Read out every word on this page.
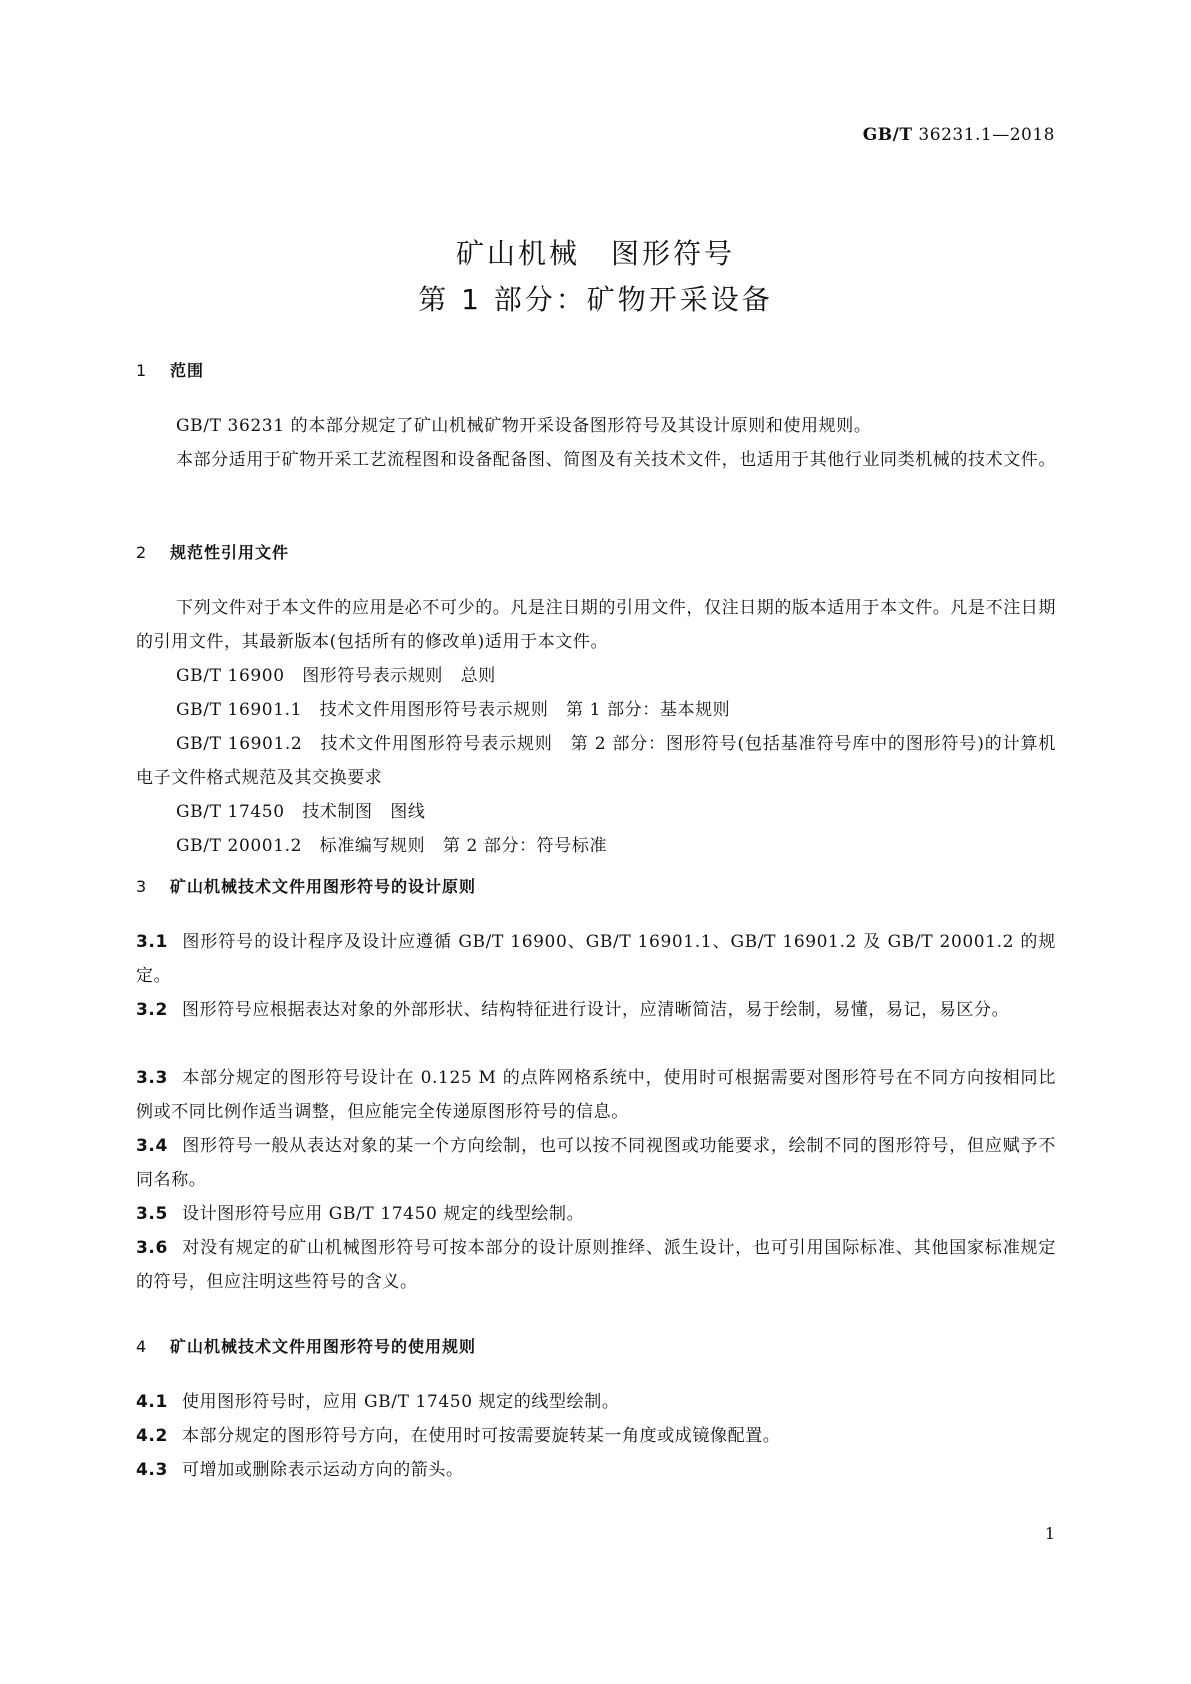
GB/T 36231.1—2018
矿山机械　图形符号
第 1 部分：矿物开采设备
1 范围
GB/T 36231 的本部分规定了矿山机械矿物开采设备图形符号及其设计原则和使用规则。
本部分适用于矿物开采工艺流程图和设备配备图、简图及有关技术文件，也适用于其他行业同类机械的技术文件。
2 规范性引用文件
下列文件对于本文件的应用是必不可少的。凡是注日期的引用文件，仅注日期的版本适用于本文件。凡是不注日期的引用文件，其最新版本(包括所有的修改单)适用于本文件。
GB/T 16900　图形符号表示规则　总则
GB/T 16901.1　技术文件用图形符号表示规则　第 1 部分：基本规则
GB/T 16901.2　技术文件用图形符号表示规则　第 2 部分：图形符号(包括基准符号库中的图形符号)的计算机电子文件格式规范及其交换要求
GB/T 17450　技术制图　图线
GB/T 20001.2　标准编写规则　第 2 部分：符号标准
3 矿山机械技术文件用图形符号的设计原则
3.1 图形符号的设计程序及设计应遵循 GB/T 16900、GB/T 16901.1、GB/T 16901.2 及 GB/T 20001.2 的规定。
3.2 图形符号应根据表达对象的外部形状、结构特征进行设计，应清晰简洁，易于绘制，易懂，易记，易区分。
3.3 本部分规定的图形符号设计在 0.125 M 的点阵网格系统中，使用时可根据需要对图形符号在不同方向按相同比例或不同比例作适当调整，但应能完全传递原图形符号的信息。
3.4 图形符号一般从表达对象的某一个方向绘制，也可以按不同视图或功能要求，绘制不同的图形符号，但应赋予不同名称。
3.5 设计图形符号应用 GB/T 17450 规定的线型绘制。
3.6 对没有规定的矿山机械图形符号可按本部分的设计原则推绎、派生设计，也可引用国际标准、其他国家标准规定的符号，但应注明这些符号的含义。
4 矿山机械技术文件用图形符号的使用规则
4.1 使用图形符号时，应用 GB/T 17450 规定的线型绘制。
4.2 本部分规定的图形符号方向，在使用时可按需要旋转某一角度或成镜像配置。
4.3 可增加或删除表示运动方向的箭头。
1
